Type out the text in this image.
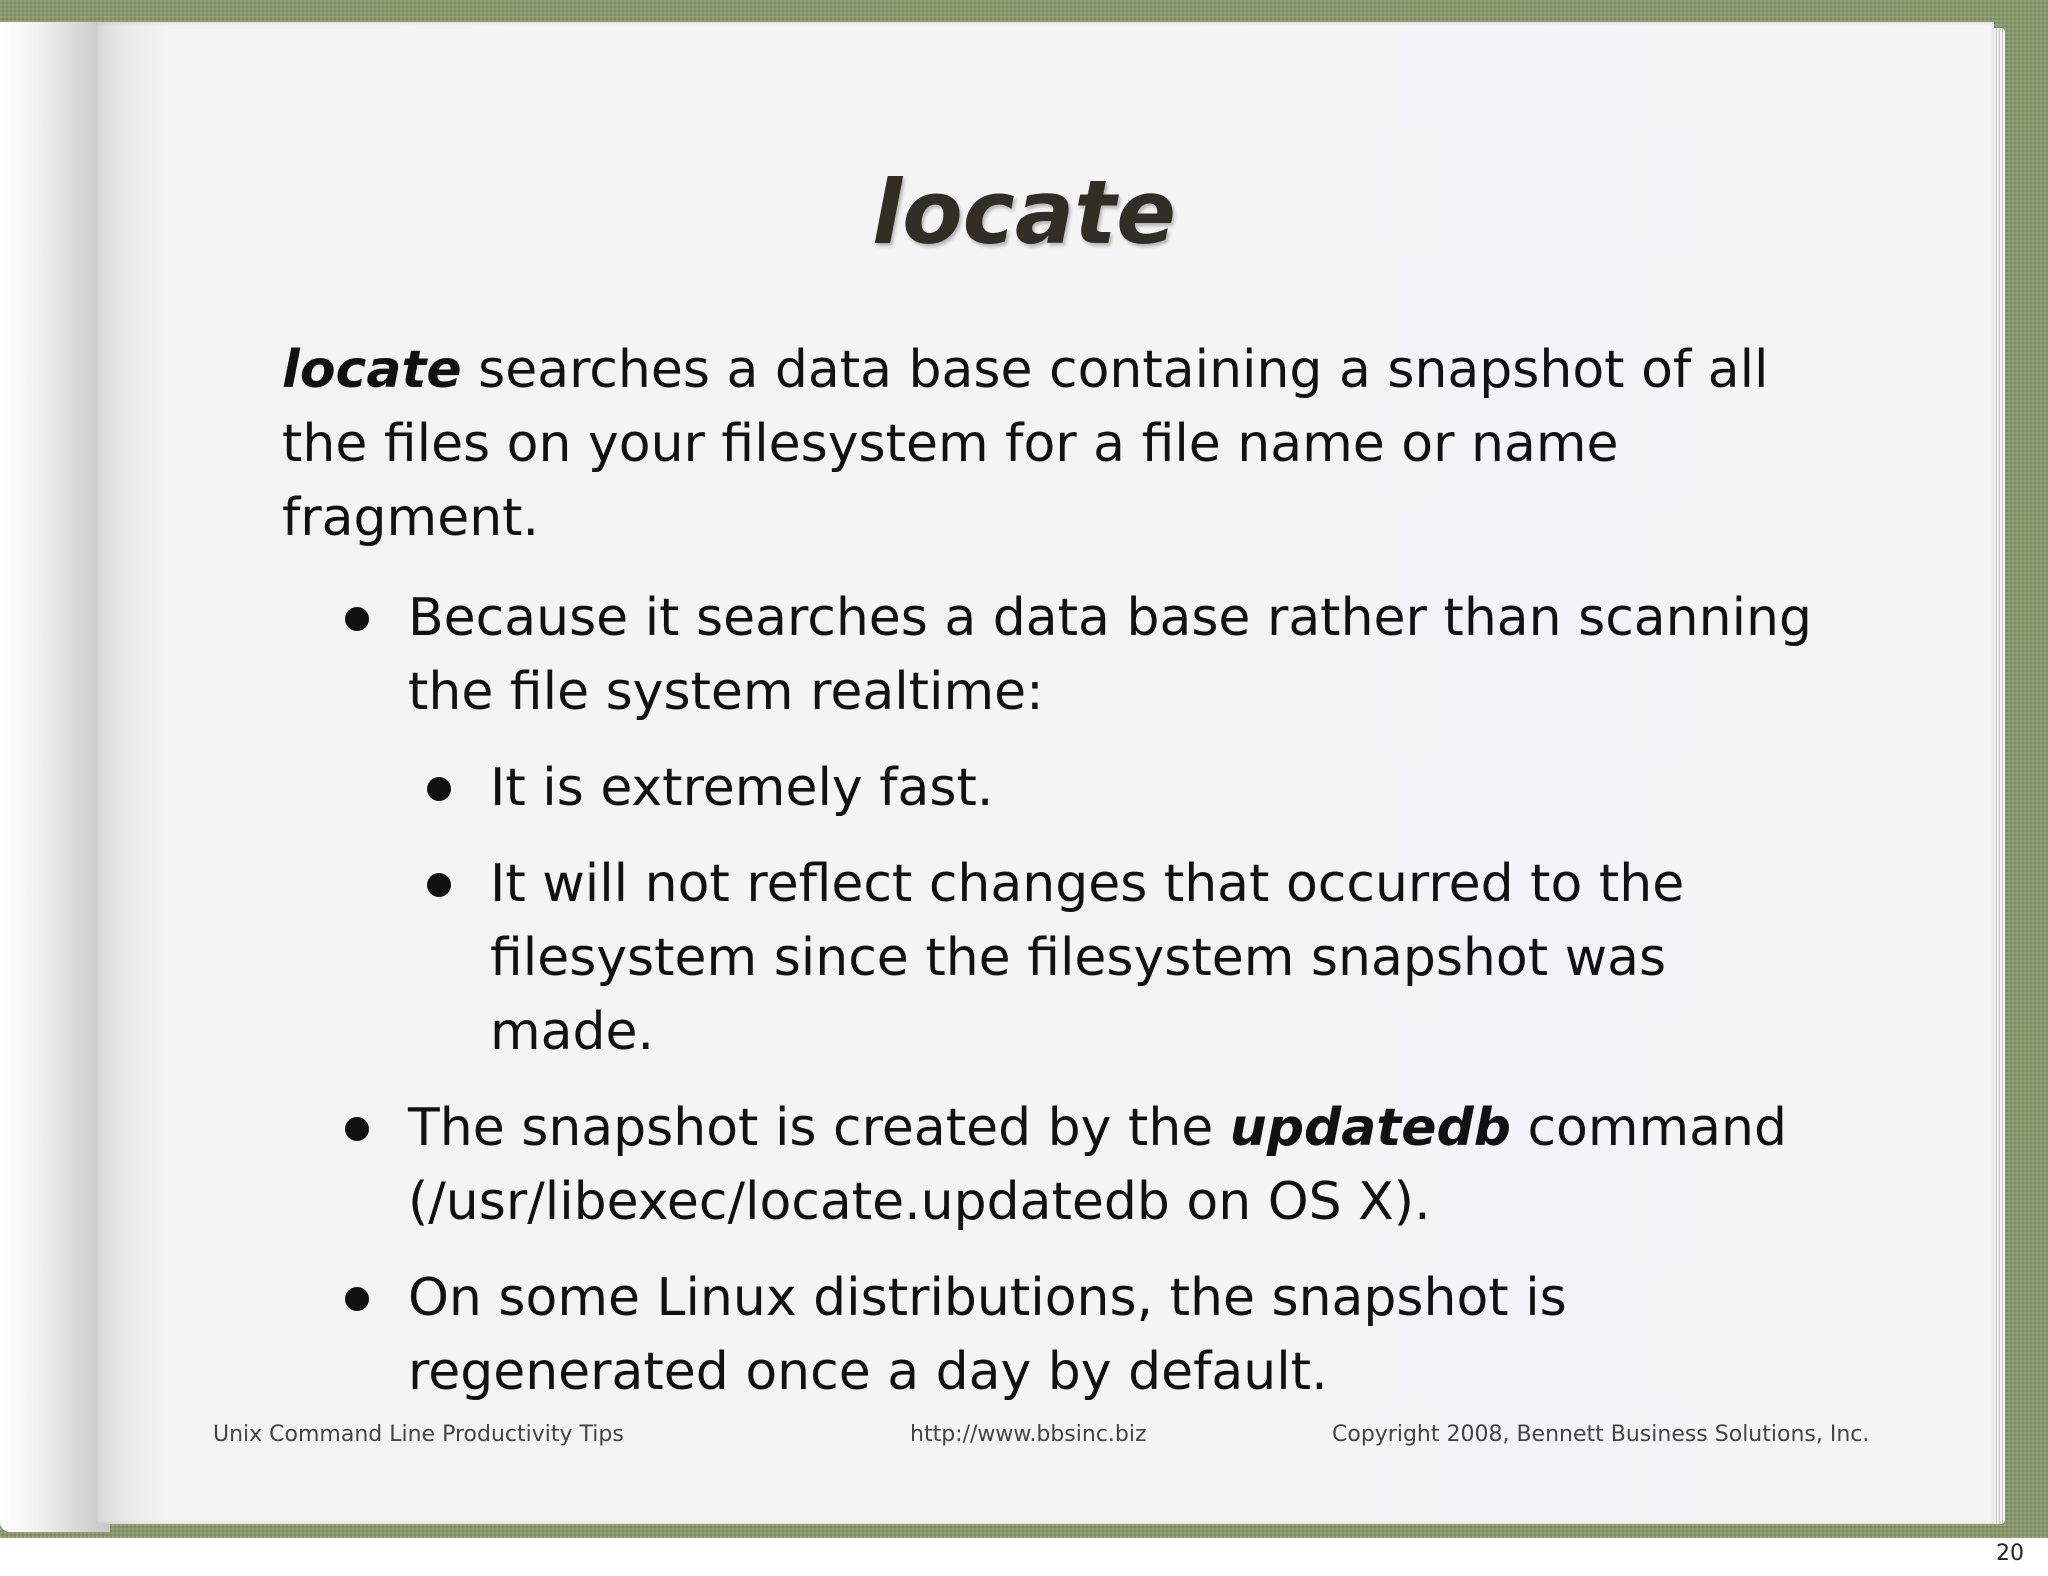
locate

locate searches a data base containing a snapshot of all the files on your filesystem for a file name or name fragment.

Because it searches a data base rather than scanning the file system realtime:
It is extremely fast.
It will not reflect changes that occurred to the filesystem since the filesystem snapshot was made.
The snapshot is created by the updatedb command (/usr/libexec/locate.updatedb on OS X).
On some Linux distributions, the snapshot is regenerated once a day by default.
Unix Command Line Productivity Tips	http://www.bbsinc.biz	Copyright 2008, Bennett Business Solutions, Inc.
20
